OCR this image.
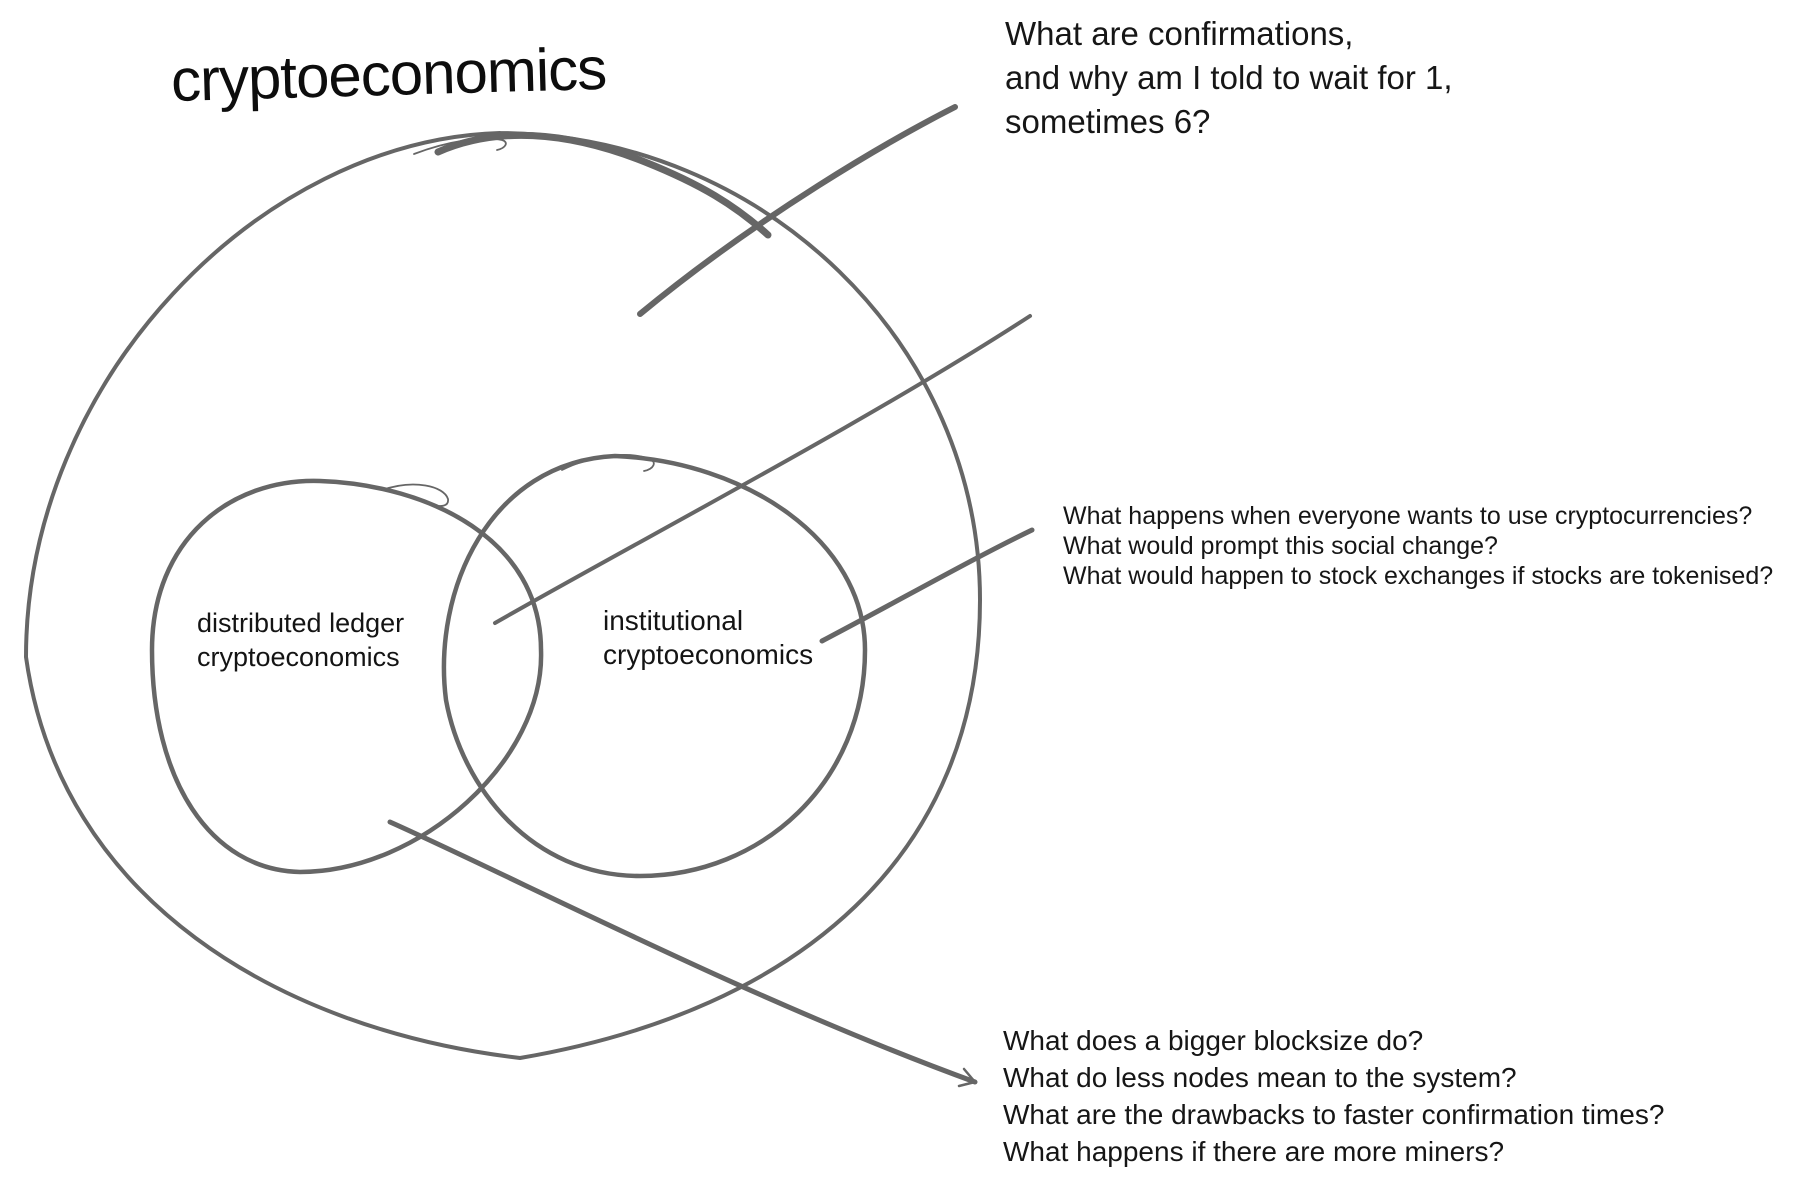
cryptoeconomics
distributed ledger
cryptoeconomics
institutional
cryptoeconomics
What are confirmations,
and why am I told to wait for 1,
sometimes 6?
What happens when everyone wants to use cryptocurrencies?
What would prompt this social change?
What would happen to stock exchanges if stocks are tokenised?
What does a bigger blocksize do?
What do less nodes mean to the system?
What are the drawbacks to faster confirmation times?
What happens if there are more miners?
